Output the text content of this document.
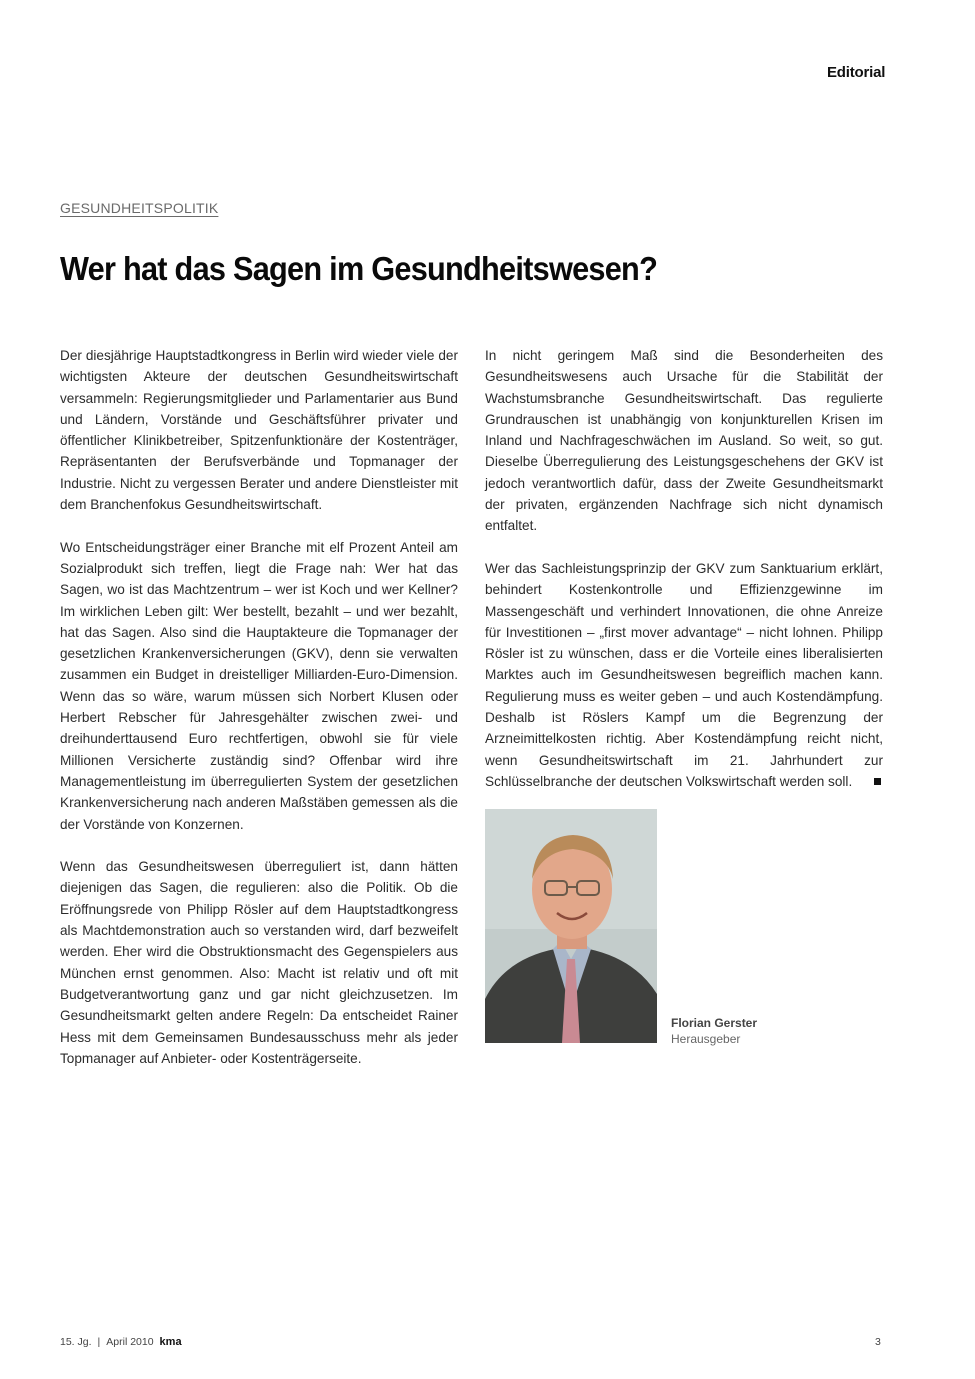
Editorial
GESUNDHEITSPOLITIK
Wer hat das Sagen im Gesundheitswesen?

Der diesjährige Hauptstadtkongress in Berlin wird wieder viele der wichtigsten Akteure der deutschen Gesundheitswirtschaft versammeln: Regierungsmitglieder und Parlamentarier aus Bund und Ländern, Vorstände und Geschäftsführer privater und öffentlicher Klinikbetreiber, Spitzenfunktionäre der Kostenträger, Repräsentanten der Berufsverbände und Topmanager der Industrie. Nicht zu vergessen Berater und andere Dienstleister mit dem Branchenfokus Gesundheitswirtschaft.

Wo Entscheidungsträger einer Branche mit elf Prozent Anteil am Sozialprodukt sich treffen, liegt die Frage nah: Wer hat das Sagen, wo ist das Machtzentrum – wer ist Koch und wer Kellner? Im wirklichen Leben gilt: Wer bestellt, bezahlt – und wer bezahlt, hat das Sagen. Also sind die Hauptakteure die Topmanager der gesetzlichen Krankenversicherungen (GKV), denn sie verwalten zusammen ein Budget in dreistelliger Milliarden-Euro-Dimension. Wenn das so wäre, warum müssen sich Norbert Klusen oder Herbert Rebscher für Jahresgehälter zwischen zwei- und dreihunderttausend Euro rechtfertigen, obwohl sie für viele Millionen Versicherte zuständig sind? Offenbar wird ihre Managementleistung im überregulierten System der gesetzlichen Krankenversicherung nach anderen Maßstäben gemessen als die der Vorstände von Konzernen.

Wenn das Gesundheitswesen überreguliert ist, dann hätten diejenigen das Sagen, die regulieren: also die Politik. Ob die Eröffnungsrede von Philipp Rösler auf dem Hauptstadtkongress als Machtdemonstration auch so verstanden wird, darf bezweifelt werden. Eher wird die Obstruktionsmacht des Gegenspielers aus München ernst genommen. Also: Macht ist relativ und oft mit Budgetverantwortung ganz und gar nicht gleichzusetzen. Im Gesundheitsmarkt gelten andere Regeln: Da entscheidet Rainer Hess mit dem Gemeinsamen Bundesausschuss mehr als jeder Topmanager auf Anbieter- oder Kostenträgerseite.

In nicht geringem Maß sind die Besonderheiten des Gesundheitswesens auch Ursache für die Stabilität der Wachstumsbranche Gesundheitswirtschaft. Das regulierte Grundrauschen ist unabhängig von konjunkturellen Krisen im Inland und Nachfrageschwächen im Ausland. So weit, so gut. Dieselbe Überregulierung des Leistungsgeschehens der GKV ist jedoch verantwortlich dafür, dass der Zweite Gesundheitsmarkt der privaten, ergänzenden Nachfrage sich nicht dynamisch entfaltet.

Wer das Sachleistungsprinzip der GKV zum Sanktuarium erklärt, behindert Kostenkontrolle und Effizienzgewinne im Massengeschäft und verhindert Innovationen, die ohne Anreize für Investitionen – „first mover advantage“ – nicht lohnen. Philipp Rösler ist zu wünschen, dass er die Vorteile eines liberalisierten Marktes auch im Gesundheitswesen begreiflich machen kann. Regulierung muss es weiter geben – und auch Kostendämpfung. Deshalb ist Röslers Kampf um die Begrenzung der Arzneimittelkosten richtig. Aber Kostendämpfung reicht nicht, wenn Gesundheitswirtschaft im 21. Jahrhundert zur Schlüsselbranche der deutschen Volkswirtschaft werden soll.

Florian Gerster
Herausgeber
15. Jg. | April 2010 kma	3
